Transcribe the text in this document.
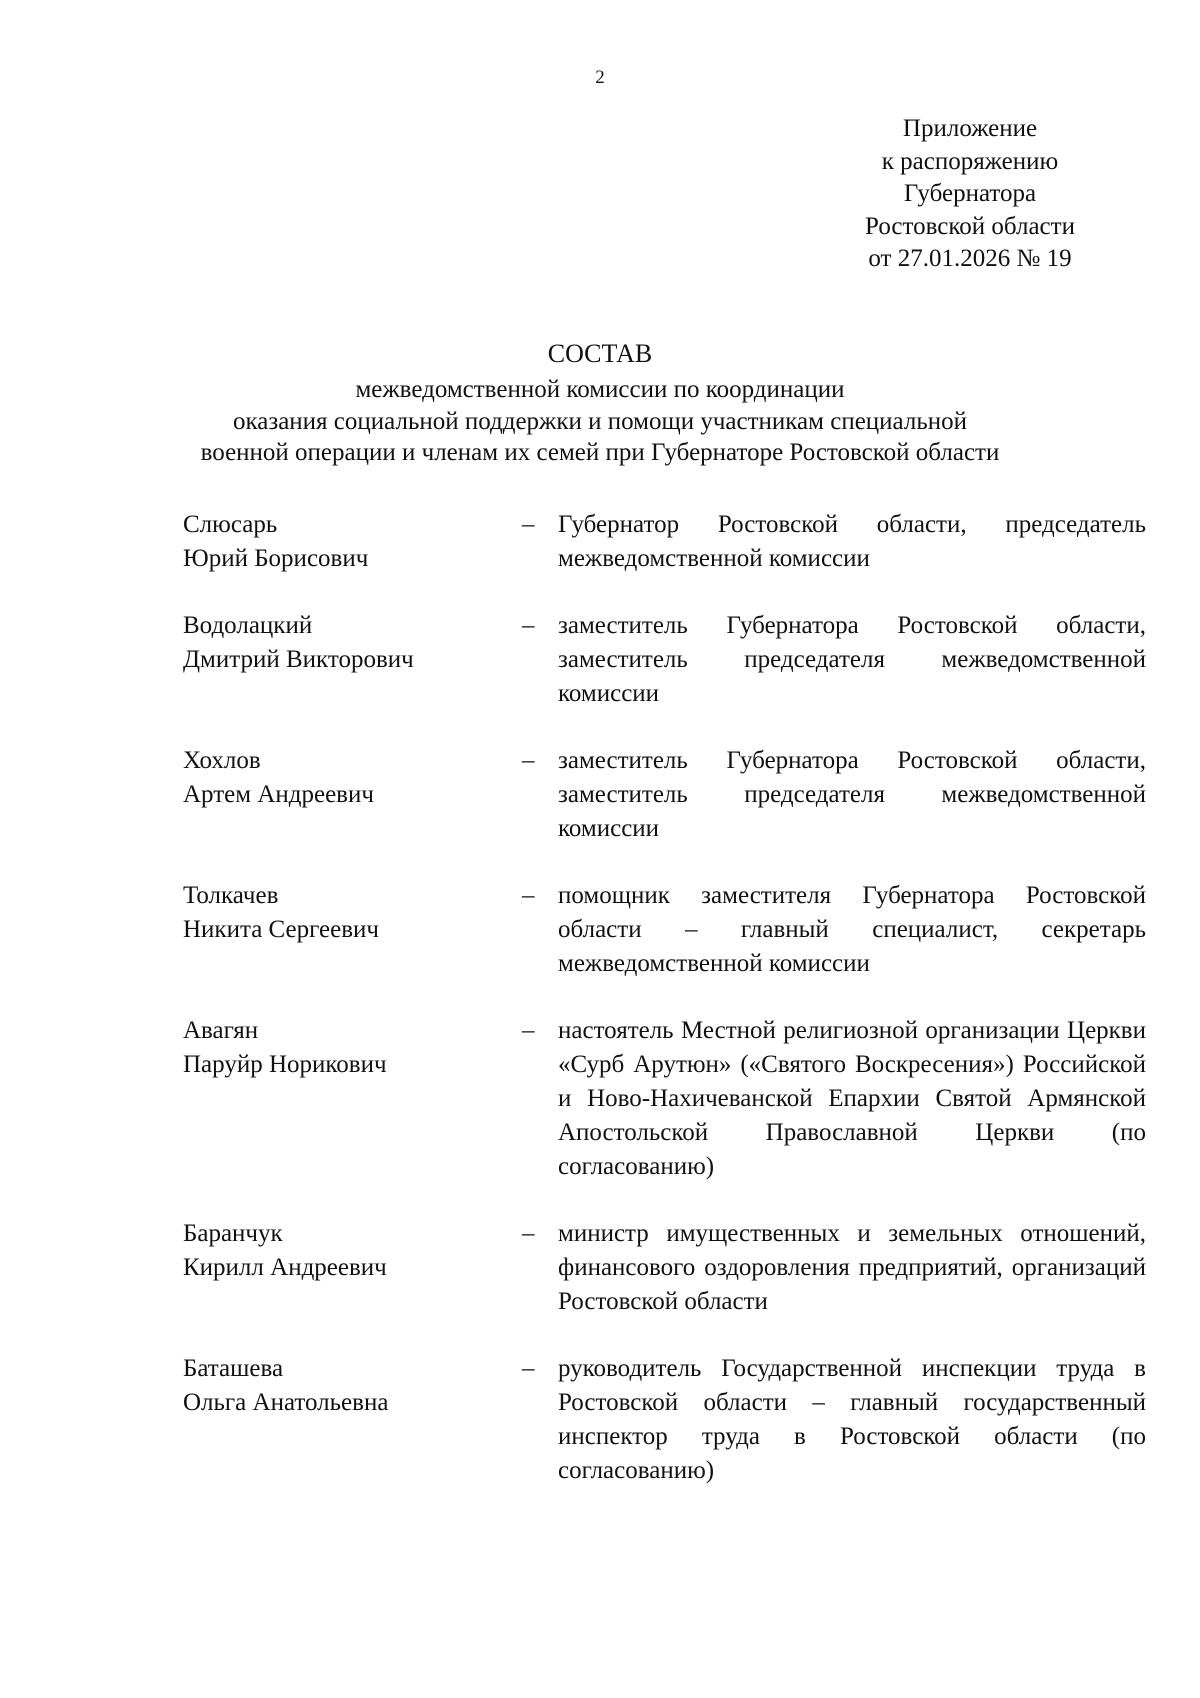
2
Приложение
к распоряжению
Губернатора
Ростовской области
от 27.01.2026 № 19
СОСТАВ
межведомственной комиссии по координации
оказания социальной поддержки и помощи участникам специальной
военной операции и членам их семей при Губернаторе Ростовской области
Слюсарь
Юрий Борисович
– Губернатор Ростовской области, председатель межведомственной комиссии
Водолацкий
Дмитрий Викторович
– заместитель Губернатора Ростовской области, заместитель председателя межведомственной комиссии
Хохлов
Артем Андреевич
– заместитель Губернатора Ростовской области, заместитель председателя межведомственной комиссии
Толкачев
Никита Сергеевич
– помощник заместителя Губернатора Ростовской области – главный специалист, секретарь межведомственной комиссии
Авагян
Паруйр Норикович
– настоятель Местной религиозной организации Церкви «Сурб Арутюн» («Святого Воскресения») Российской и Ново-Нахичеванской Епархии Святой Армянской Апостольской Православной Церкви (по согласованию)
Баранчук
Кирилл Андреевич
– министр имущественных и земельных отношений, финансового оздоровления предприятий, организаций Ростовской области
Баташева
Ольга Анатольевна
– руководитель Государственной инспекции труда в Ростовской области – главный государственный инспектор труда в Ростовской области (по согласованию)
